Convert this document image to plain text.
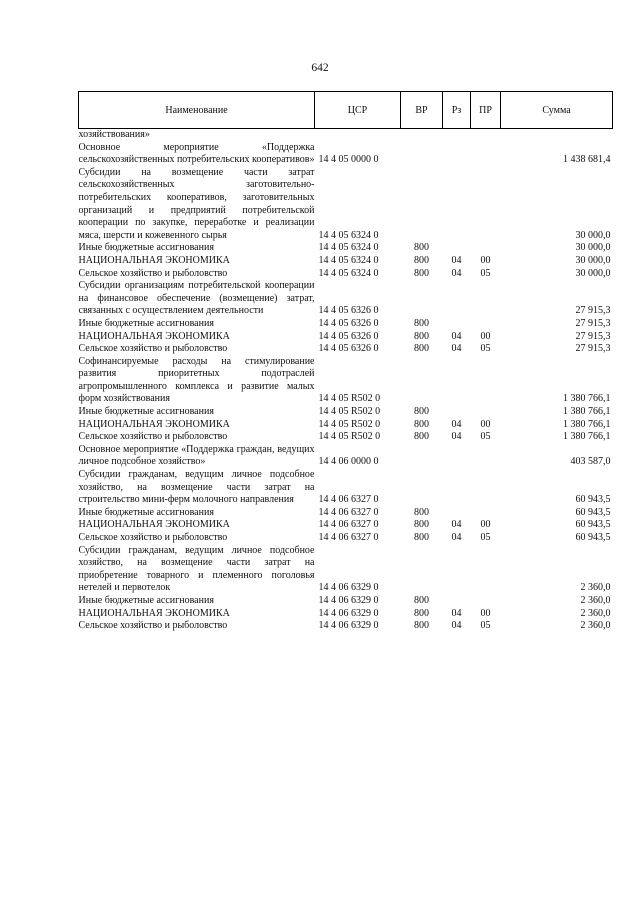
642
Наименование	ЦСР	ВР	Рз	ПР	Сумма
хозяйствования»					
Основное мероприятие «Поддержка сельскохозяйственных потребительских кооперативов»	14 4 05 0000 0				1 438 681,4
Субсидии на возмещение части затрат сельскохозяйственных заготовительно-потребительских кооперативов, заготовительных организаций и предприятий потребительской кооперации по закупке, переработке и реализации мяса, шерсти и кожевенного сырья	14 4 05 6324 0				30 000,0
Иные бюджетные ассигнования	14 4 05 6324 0	800			30 000,0
НАЦИОНАЛЬНАЯ ЭКОНОМИКА	14 4 05 6324 0	800	04	00	30 000,0
Сельское хозяйство и рыболовство	14 4 05 6324 0	800	04	05	30 000,0
Субсидии организациям потребительской кооперации на финансовое обеспечение (возмещение) затрат, связанных с осуществлением деятельности	14 4 05 6326 0				27 915,3
Иные бюджетные ассигнования	14 4 05 6326 0	800			27 915,3
НАЦИОНАЛЬНАЯ ЭКОНОМИКА	14 4 05 6326 0	800	04	00	27 915,3
Сельское хозяйство и рыболовство	14 4 05 6326 0	800	04	05	27 915,3
Софинансируемые расходы на стимулирование развития приоритетных подотраслей агропромышленного комплекса и развитие малых форм хозяйствования	14 4 05 R502 0				1 380 766,1
Иные бюджетные ассигнования	14 4 05 R502 0	800			1 380 766,1
НАЦИОНАЛЬНАЯ ЭКОНОМИКА	14 4 05 R502 0	800	04	00	1 380 766,1
Сельское хозяйство и рыболовство	14 4 05 R502 0	800	04	05	1 380 766,1
Основное мероприятие «Поддержка граждан, ведущих личное подсобное хозяйство»	14 4 06 0000 0				403 587,0
Субсидии гражданам, ведущим личное подсобное хозяйство, на возмещение части затрат на строительство мини-ферм молочного направления	14 4 06 6327 0				60 943,5
Иные бюджетные ассигнования	14 4 06 6327 0	800			60 943,5
НАЦИОНАЛЬНАЯ ЭКОНОМИКА	14 4 06 6327 0	800	04	00	60 943,5
Сельское хозяйство и рыболовство	14 4 06 6327 0	800	04	05	60 943,5
Субсидии гражданам, ведущим личное подсобное хозяйство, на возмещение части затрат на приобретение товарного и племенного поголовья нетелей и первотелок	14 4 06 6329 0				2 360,0
Иные бюджетные ассигнования	14 4 06 6329 0	800			2 360,0
НАЦИОНАЛЬНАЯ ЭКОНОМИКА	14 4 06 6329 0	800	04	00	2 360,0
Сельское хозяйство и рыболовство	14 4 06 6329 0	800	04	05	2 360,0
